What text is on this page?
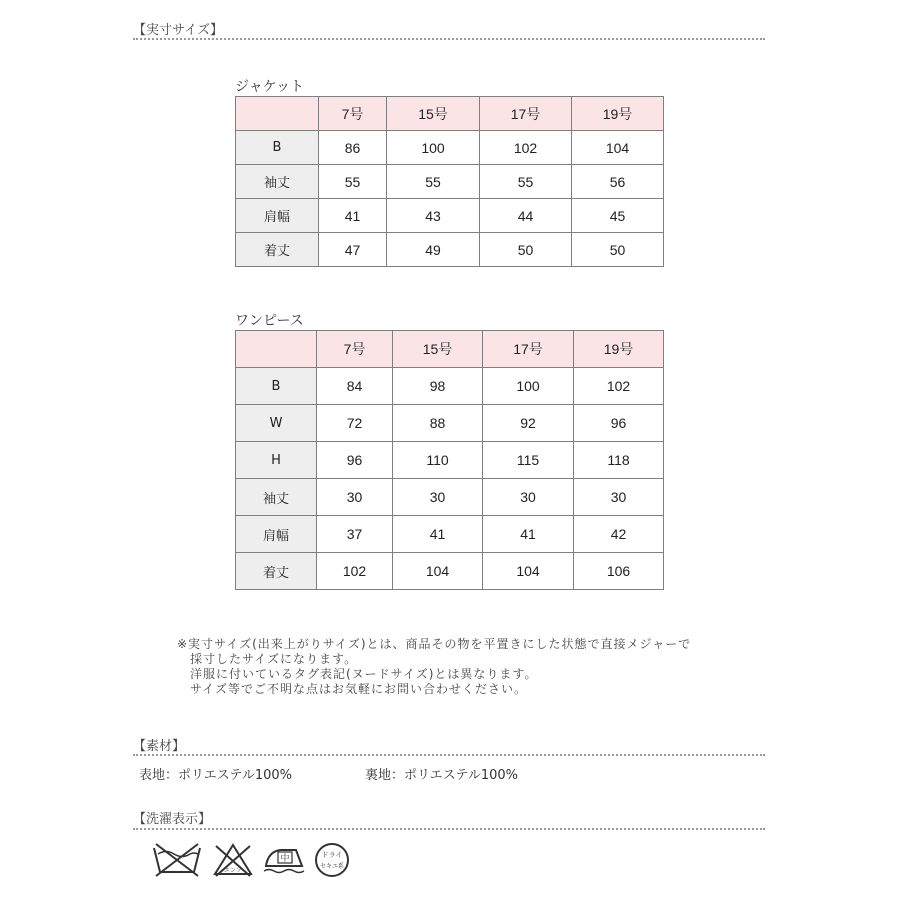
【実寸サイズ】
ジャケット
	7号	15号	17号	19号
B	86	100	102	104
袖丈	55	55	55	56
肩幅	41	43	44	45
着丈	47	49	50	50
ワンピース
	7号	15号	17号	19号
B	84	98	100	102
W	72	88	92	96
H	96	110	115	118
袖丈	30	30	30	30
肩幅	37	41	41	42
着丈	102	104	104	106
※実寸サイズ(出来上がりサイズ)とは、商品その物を平置きにした状態で直接メジャーで
採寸したサイズになります。
洋服に付いているタグ表記(ヌードサイズ)とは異なります。
サイズ等でご不明な点はお気軽にお問い合わせください。
【素材】
表地：ポリエステル100%	裏地：ポリエステル100%
【洗濯表示】
エンソ
中	ドライ
セキユ系
